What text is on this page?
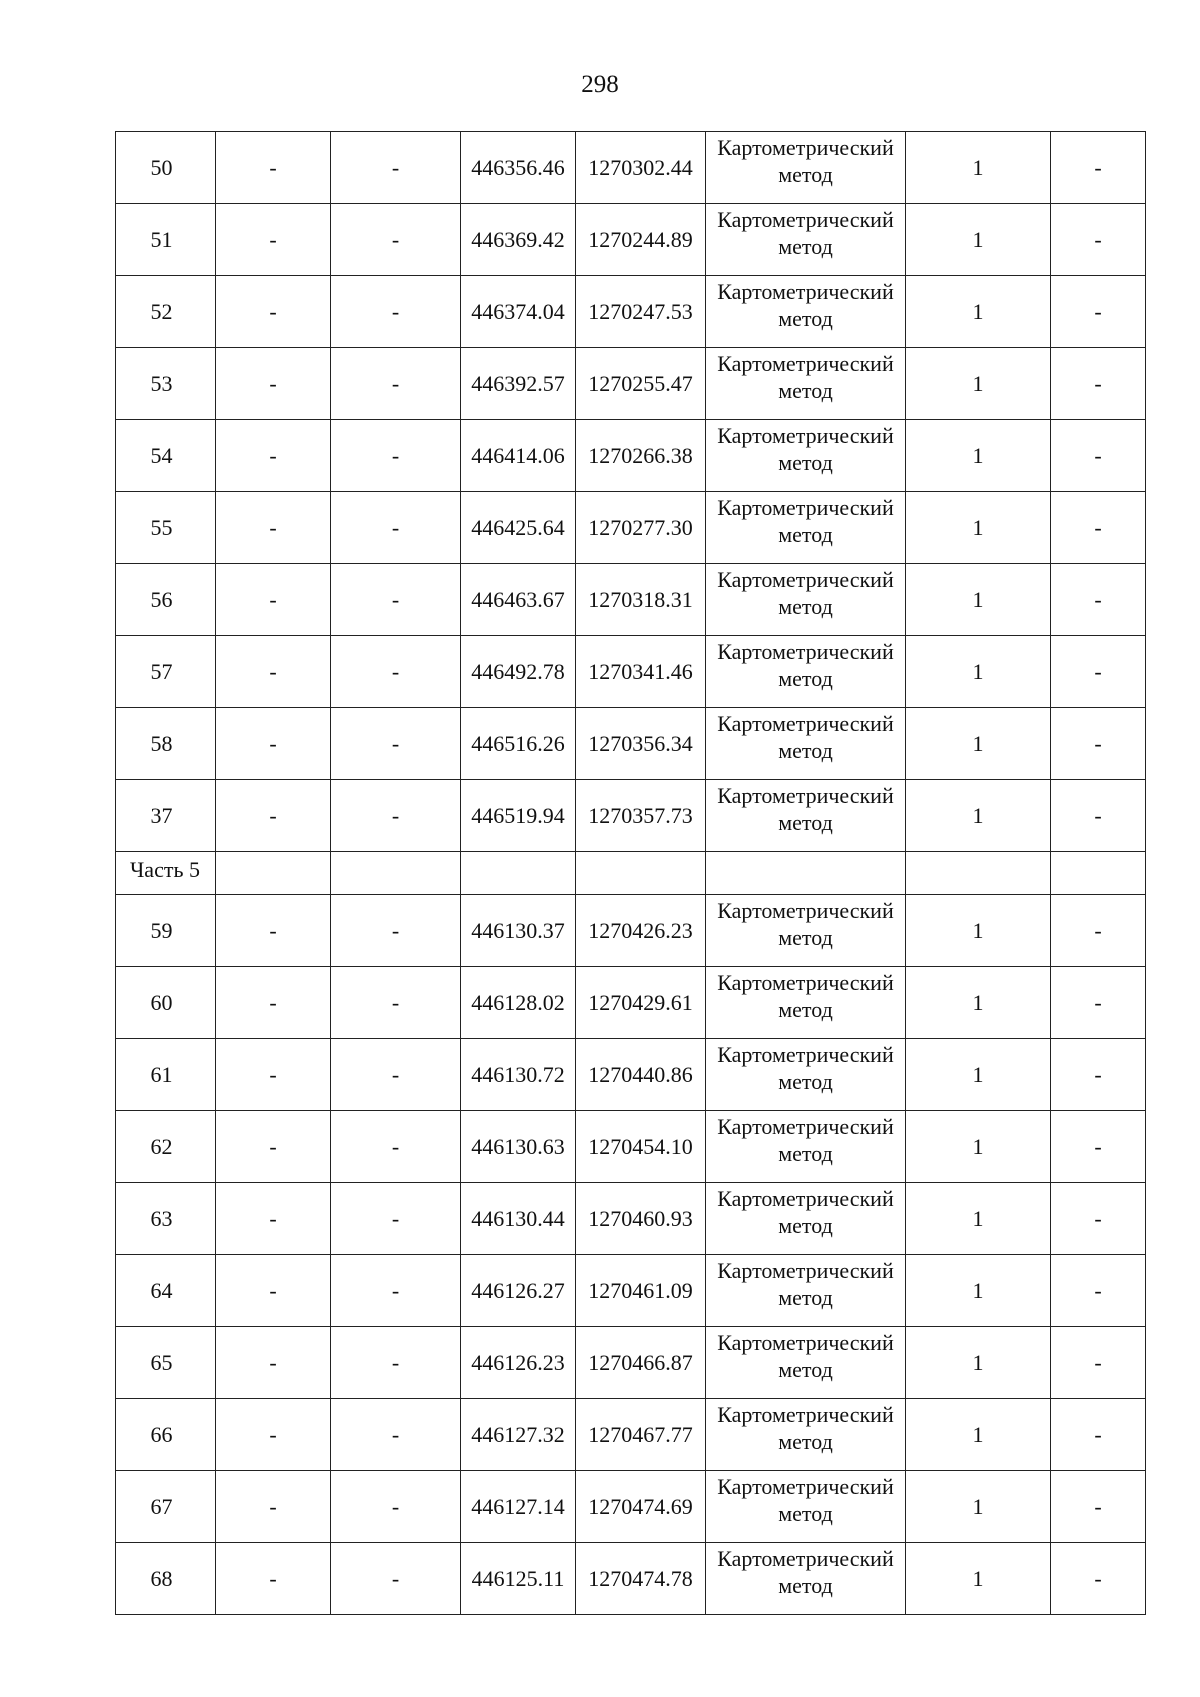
298
50	-	-	446356.46	1270302.44	Картометрический
метод	1	-
51	-	-	446369.42	1270244.89	Картометрический
метод	1	-
52	-	-	446374.04	1270247.53	Картометрический
метод	1	-
53	-	-	446392.57	1270255.47	Картометрический
метод	1	-
54	-	-	446414.06	1270266.38	Картометрический
метод	1	-
55	-	-	446425.64	1270277.30	Картометрический
метод	1	-
56	-	-	446463.67	1270318.31	Картометрический
метод	1	-
57	-	-	446492.78	1270341.46	Картометрический
метод	1	-
58	-	-	446516.26	1270356.34	Картометрический
метод	1	-
37	-	-	446519.94	1270357.73	Картометрический
метод	1	-
Часть 5							
59	-	-	446130.37	1270426.23	Картометрический
метод	1	-
60	-	-	446128.02	1270429.61	Картометрический
метод	1	-
61	-	-	446130.72	1270440.86	Картометрический
метод	1	-
62	-	-	446130.63	1270454.10	Картометрический
метод	1	-
63	-	-	446130.44	1270460.93	Картометрический
метод	1	-
64	-	-	446126.27	1270461.09	Картометрический
метод	1	-
65	-	-	446126.23	1270466.87	Картометрический
метод	1	-
66	-	-	446127.32	1270467.77	Картометрический
метод	1	-
67	-	-	446127.14	1270474.69	Картометрический
метод	1	-
68	-	-	446125.11	1270474.78	Картометрический
метод	1	-
